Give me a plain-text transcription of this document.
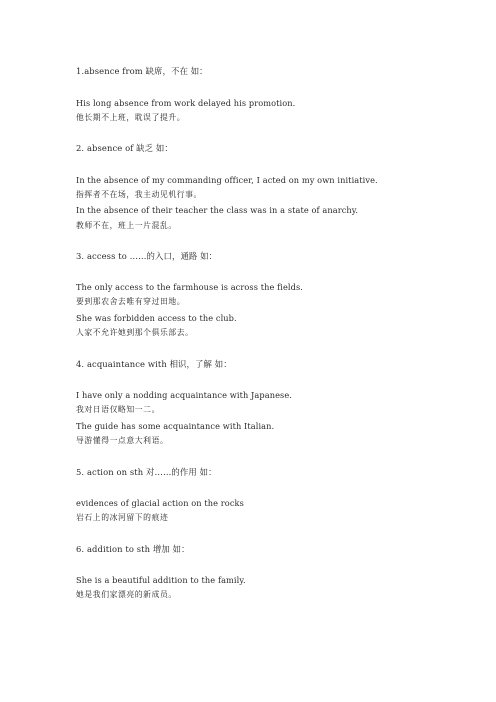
1.absence from 缺席，不在 如：
His long absence from work delayed his promotion.
他长期不上班，耽误了提升。
2. absence of 缺乏 如：
In the absence of my commanding officer, I acted on my own initiative.
指挥者不在场，我主动见机行事。
In the absence of their teacher the class was in a state of anarchy.
教师不在，班上一片混乱。
3. access to ……的入口，通路 如：
The only access to the farmhouse is across the fields.
要到那农舍去唯有穿过田地。
She was forbidden access to the club.
人家不允许她到那个俱乐部去。
4. acquaintance with 相识，了解 如：
I have only a nodding acquaintance with Japanese.
我对日语仅略知一二。
The guide has some acquaintance with Italian.
导游懂得一点意大利语。
5. action on sth 对……的作用 如：
evidences of glacial action on the rocks
岩石上的冰河留下的痕迹
6. addition to sth 增加 如：
She is a beautiful addition to the family.
她是我们家漂亮的新成员。
